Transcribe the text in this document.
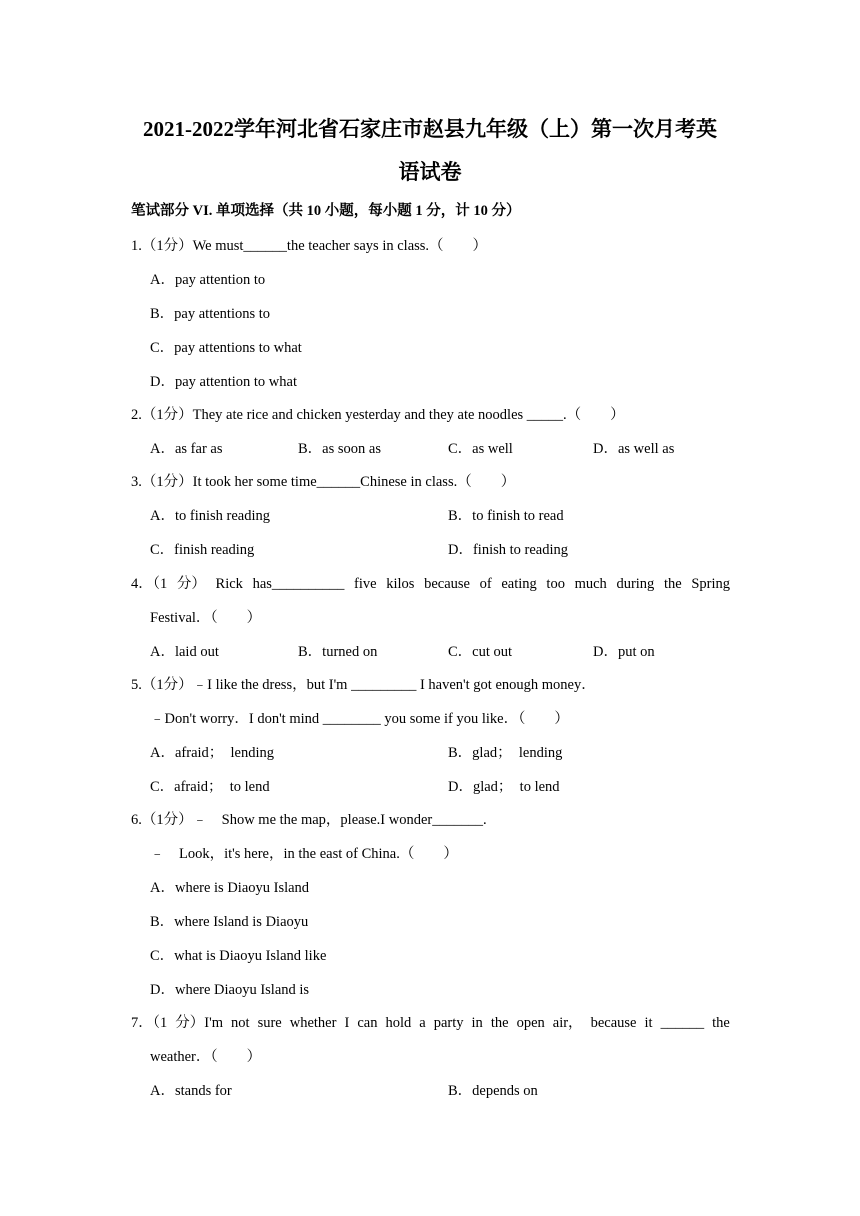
2021-2022学年河北省石家庄市赵县九年级（上）第一次月考英
语试卷
笔试部分 VI. 单项选择（共 10 小题，每小题 1 分，计 10 分）
1.（1分）We must______the teacher says in class.（　　）
A．pay attention to
B．pay attentions to
C．pay attentions to what
D．pay attention to what
2.（1分）They ate rice and chicken yesterday and they ate noodles _____.（　　）
A．as far as	B．as soon as	C．as well	D．as well as
3.（1分）It took her some time______Chinese in class.（　　）
A．to finish reading	B．to finish to read
C．finish reading	D．finish to reading
4．（1 分） Rick has__________ five kilos because of eating too much during the Spring
Festival．（　　）
A．laid out	B．turned on	C．cut out	D．put on
5.（1分）﹣I like the dress，but I'm _________ I haven't got enough money．
﹣Don't worry．I don't mind ________ you some if you like．（　　）
A．afraid；　lending	B．glad；　lending
C．afraid；　to lend	D．glad；　to lend
6.（1分）﹣　Show me the map，please.I wonder_______.
﹣　Look，it's here，in the east of China.（　　）
A．where is Diaoyu Island
B．where Island is Diaoyu
C．what is Diaoyu Island like
D．where Diaoyu Island is
7．（1 分）I'm not sure whether I can hold a party in the open air， because it ______ the
weather．（　　）
A．stands for	B．depends on
